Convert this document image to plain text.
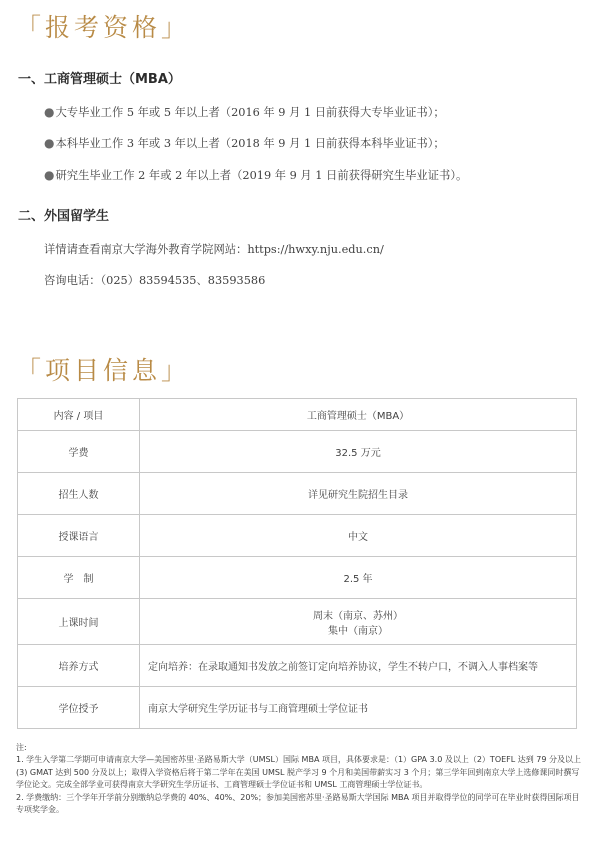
「报考资格」
一、工商管理硕士（MBA）
●大专毕业工作 5 年或 5 年以上者（2016 年 9 月 1 日前获得大专毕业证书）；
●本科毕业工作 3 年或 3 年以上者（2018 年 9 月 1 日前获得本科毕业证书）；
●研究生毕业工作 2 年或 2 年以上者（2019 年 9 月 1 日前获得研究生毕业证书）。
二、外国留学生
详情请查看南京大学海外教育学院网站：https://hwxy.nju.edu.cn/
咨询电话：（025）83594535、83593586
「项目信息」
内容 / 项目	工商管理硕士（MBA）
学费	32.5 万元
招生人数	详见研究生院招生目录
授课语言	中文
学　制	2.5 年
上课时间	周末（南京、苏州）
集中（南京）

培养方式	定向培养：在录取通知书发放之前签订定向培养协议，学生不转户口，不调入人事档案等
学位授予	南京大学研究生学历证书与工商管理硕士学位证书
注:
1. 学生入学第二学期可申请南京大学—美国密苏里·圣路易斯大学（UMSL）国际 MBA 项目，具体要求是：（1）GPA 3.0 及以上（2）TOEFL 达到 79 分及以上(3) GMAT 达到 500 分及以上；取得入学资格后将于第二学年在美国 UMSL 脱产学习 9 个月和美国带薪实习 3 个月；第三学年回到南京大学上选修课同时撰写学位论文。完成全部学业可获得南京大学研究生学历证书、工商管理硕士学位证书和 UMSL 工商管理硕士学位证书。
2. 学费缴纳：三个学年开学前分别缴纳总学费的 40%、40%、20%；参加美国密苏里·圣路易斯大学国际 MBA 项目并取得学位的同学可在毕业时获得国际项目专项奖学金。
